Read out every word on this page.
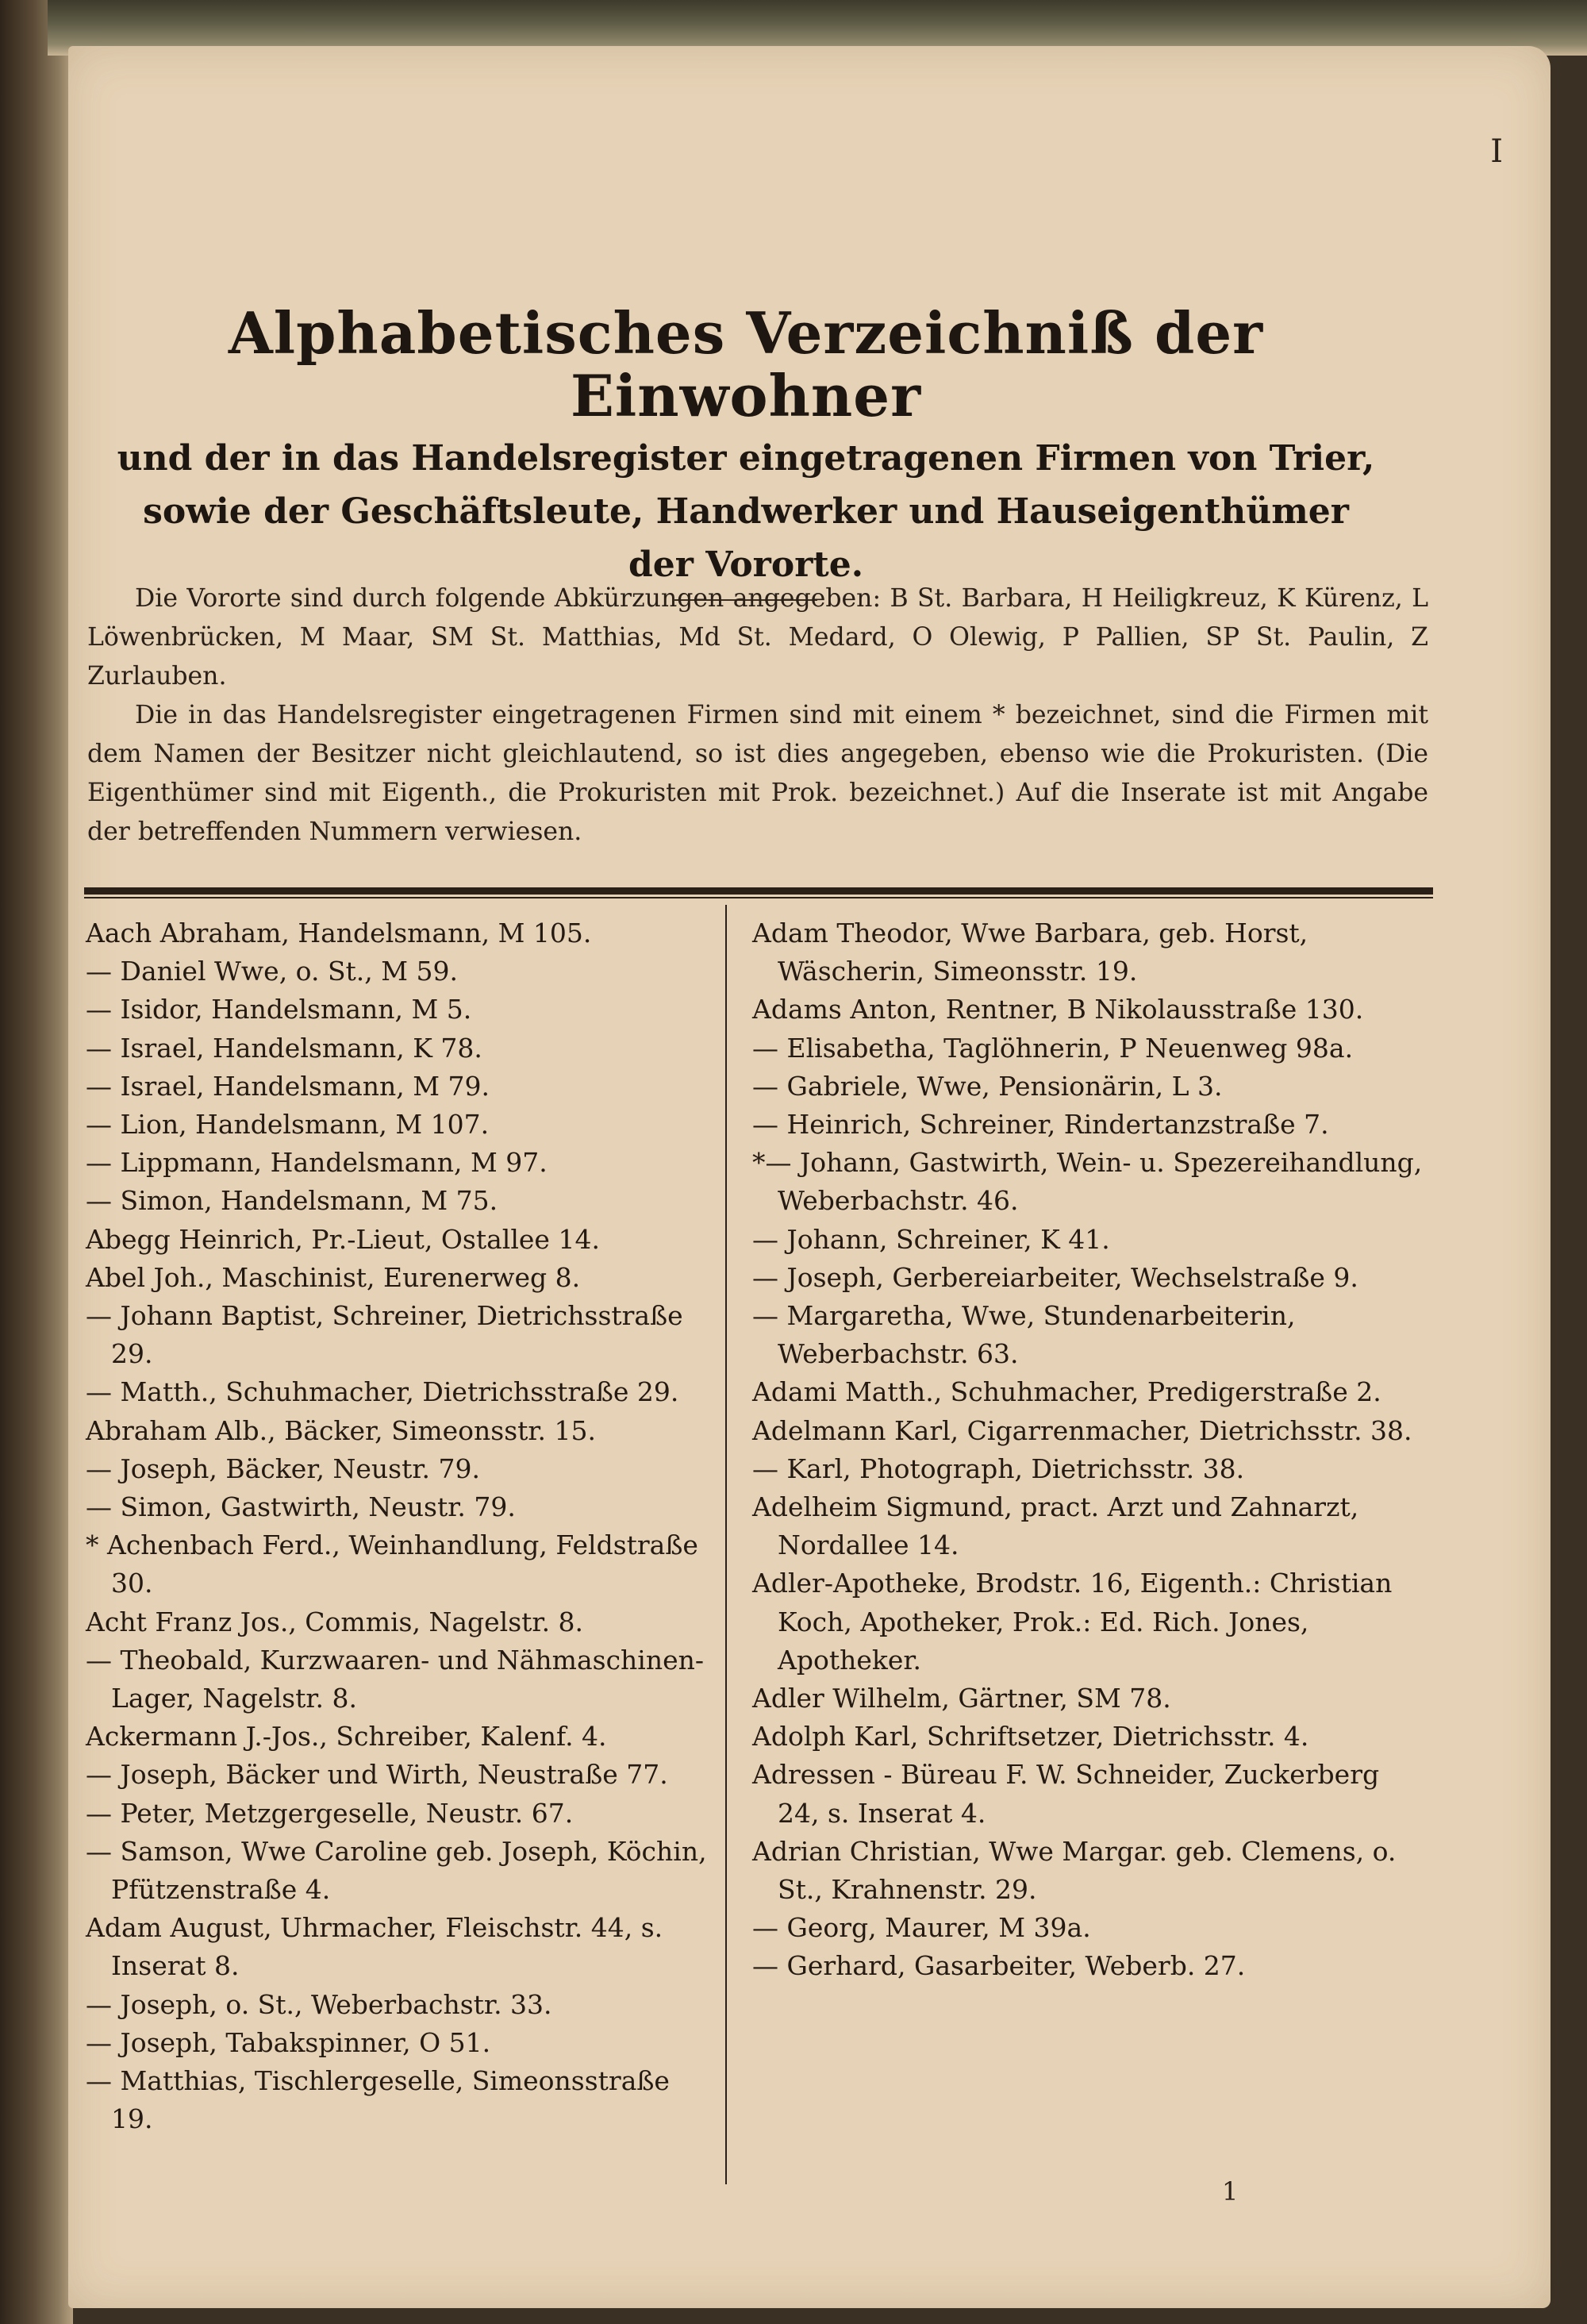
I
Alphabetisches Verzeichniß der Einwohner
und der in das Handelsregister eingetragenen Firmen von Trier,
sowie der Geschäftsleute, Handwerker und Hauseigenthümer
der Vororte.

Die Vororte sind durch folgende Abkürzungen angegeben: B St. Barbara, H Heiligkreuz, K Kürenz, L Löwenbrücken, M Maar, SM St. Matthias, Md St. Medard, O Olewig, P Pallien, SP St. Paulin, Z Zurlauben.

Die in das Handelsregister eingetragenen Firmen sind mit einem * bezeichnet, sind die Firmen mit dem Namen der Besitzer nicht gleichlautend, so ist dies angegeben, ebenso wie die Prokuristen. (Die Eigenthümer sind mit Eigenth., die Prokuristen mit Prok. bezeichnet.) Auf die Inserate ist mit Angabe der betreffenden Nummern verwiesen.

Aach Abraham, Handelsmann, M 105.

— Daniel Wwe, o. St., M 59.

— Isidor, Handelsmann, M 5.

— Israel, Handelsmann, K 78.

— Israel, Handelsmann, M 79.

— Lion, Handelsmann, M 107.

— Lippmann, Handelsmann, M 97.

— Simon, Handelsmann, M 75.

Abegg Heinrich, Pr.-Lieut, Ostallee 14.

Abel Joh., Maschinist, Eurenerweg 8.

— Johann Baptist, Schreiner, Dietrichsstraße 29.

— Matth., Schuhmacher, Dietrichsstraße 29.

Abraham Alb., Bäcker, Simeonsstr. 15.

— Joseph, Bäcker, Neustr. 79.

— Simon, Gastwirth, Neustr. 79.

* Achenbach Ferd., Weinhandlung, Feldstraße 30.

Acht Franz Jos., Commis, Nagelstr. 8.

— Theobald, Kurzwaaren- und Nähmaschinen-Lager, Nagelstr. 8.

Ackermann J.-Jos., Schreiber, Kalenf. 4.

— Joseph, Bäcker und Wirth, Neustraße 77.

— Peter, Metzgergeselle, Neustr. 67.

— Samson, Wwe Caroline geb. Joseph, Köchin, Pfützenstraße 4.

Adam August, Uhrmacher, Fleischstr. 44, s. Inserat 8.

— Joseph, o. St., Weberbachstr. 33.

— Joseph, Tabakspinner, O 51.

— Matthias, Tischlergeselle, Simeonsstraße 19.

Adam Theodor, Wwe Barbara, geb. Horst, Wäscherin, Simeonsstr. 19.

Adams Anton, Rentner, B Nikolausstraße 130.

— Elisabetha, Taglöhnerin, P Neuenweg 98a.

— Gabriele, Wwe, Pensionärin, L 3.

— Heinrich, Schreiner, Rindertanzstraße 7.

*— Johann, Gastwirth, Wein- u. Spezereihandlung, Weberbachstr. 46.

— Johann, Schreiner, K 41.

— Joseph, Gerbereiarbeiter, Wechselstraße 9.

— Margaretha, Wwe, Stundenarbeiterin, Weberbachstr. 63.

Adami Matth., Schuhmacher, Predigerstraße 2.

Adelmann Karl, Cigarrenmacher, Dietrichsstr. 38.

— Karl, Photograph, Dietrichsstr. 38.

Adelheim Sigmund, pract. Arzt und Zahnarzt, Nordallee 14.

Adler-Apotheke, Brodstr. 16, Eigenth.: Christian Koch, Apotheker, Prok.: Ed. Rich. Jones, Apotheker.

Adler Wilhelm, Gärtner, SM 78.

Adolph Karl, Schriftsetzer, Dietrichsstr. 4.

Adressen - Büreau F. W. Schneider, Zuckerberg 24, s. Inserat 4.

Adrian Christian, Wwe Margar. geb. Clemens, o. St., Krahnenstr. 29.

— Georg, Maurer, M 39a.

— Gerhard, Gasarbeiter, Weberb. 27.

1
